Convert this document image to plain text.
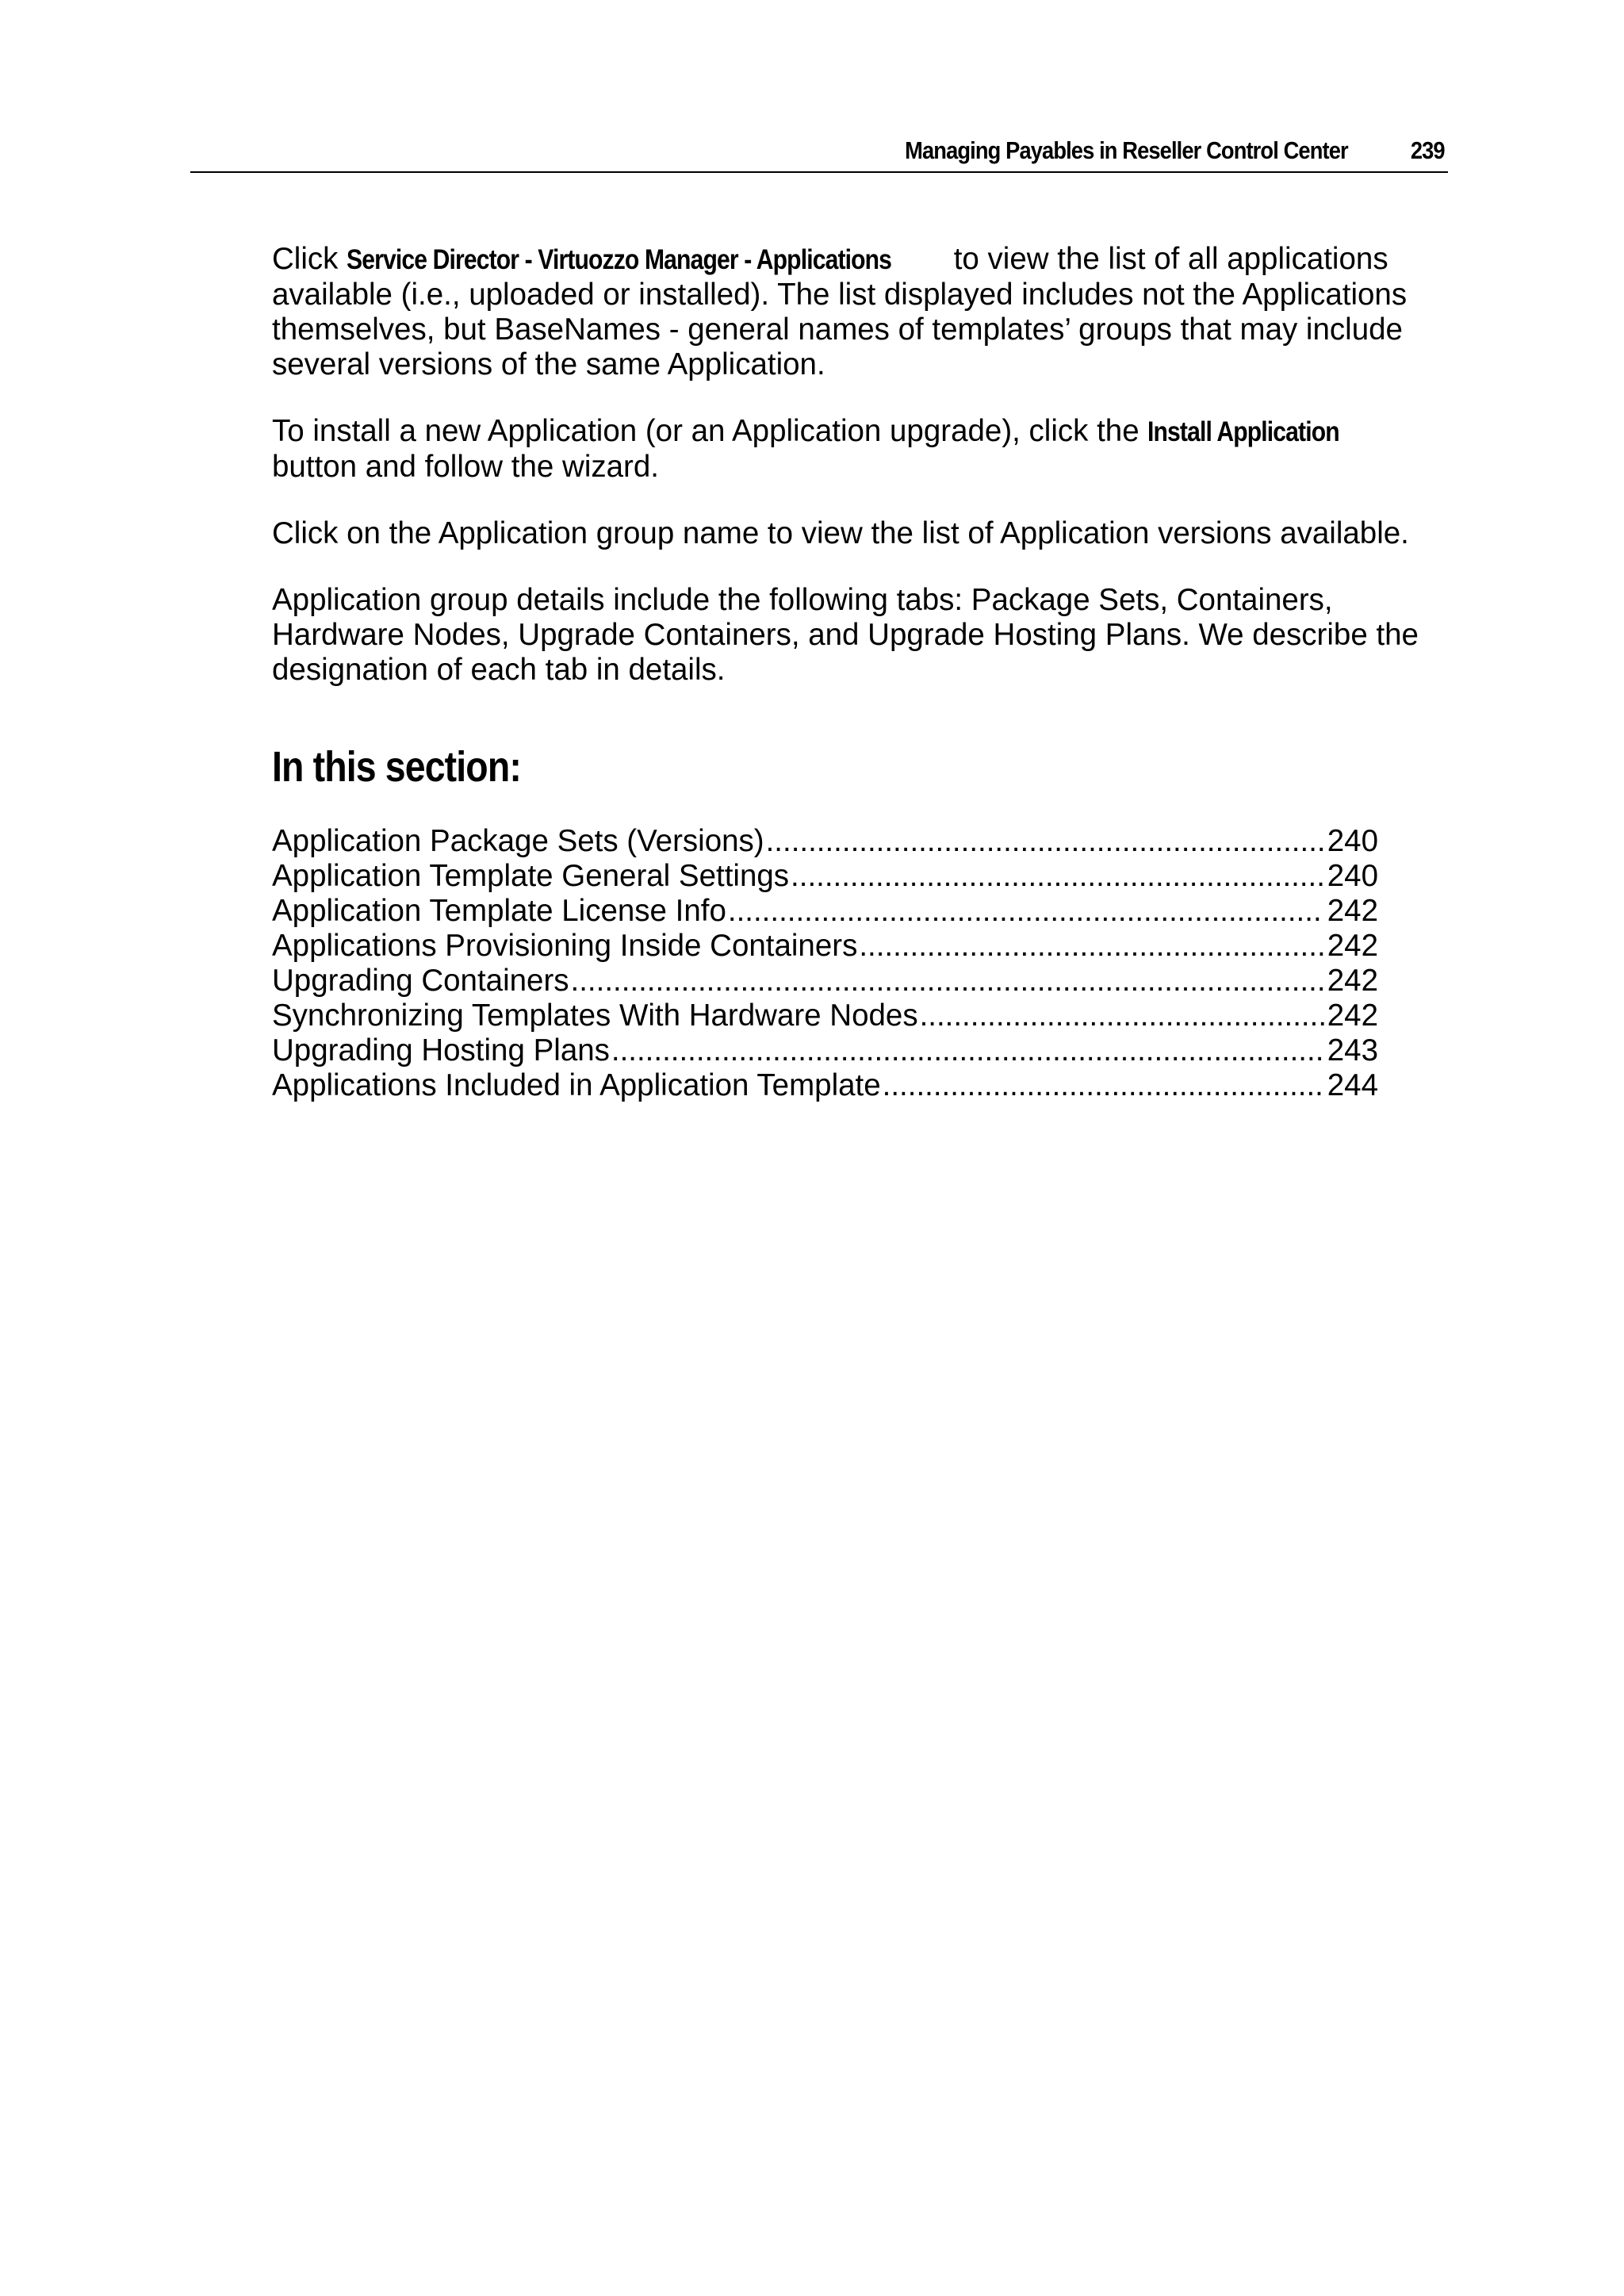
Managing Payables in Reseller Control Center	239

Click Service Director - Virtuozzo Manager - Applications to view the list of all applications
available (i.e., uploaded or installed). The list displayed includes not the Applications
themselves, but BaseNames - general names of templates’ groups that may include
several versions of the same Application.

To install a new Application (or an Application upgrade), click the Install Application
button and follow the wizard.

Click on the Application group name to view the list of Application versions available.

Application group details include the following tabs: Package Sets, Containers,
Hardware Nodes, Upgrade Containers, and Upgrade Hosting Plans. We describe the
designation of each tab in details.

In this section:
Application Package Sets (Versions) .....	240
Application Template General Settings .....	240
Application Template License Info .....	242
Applications Provisioning Inside Containers .....	242
Upgrading Containers .....	242
Synchronizing Templates With Hardware Nodes .....	242
Upgrading Hosting Plans .....	243
Applications Included in Application Template .....	244
